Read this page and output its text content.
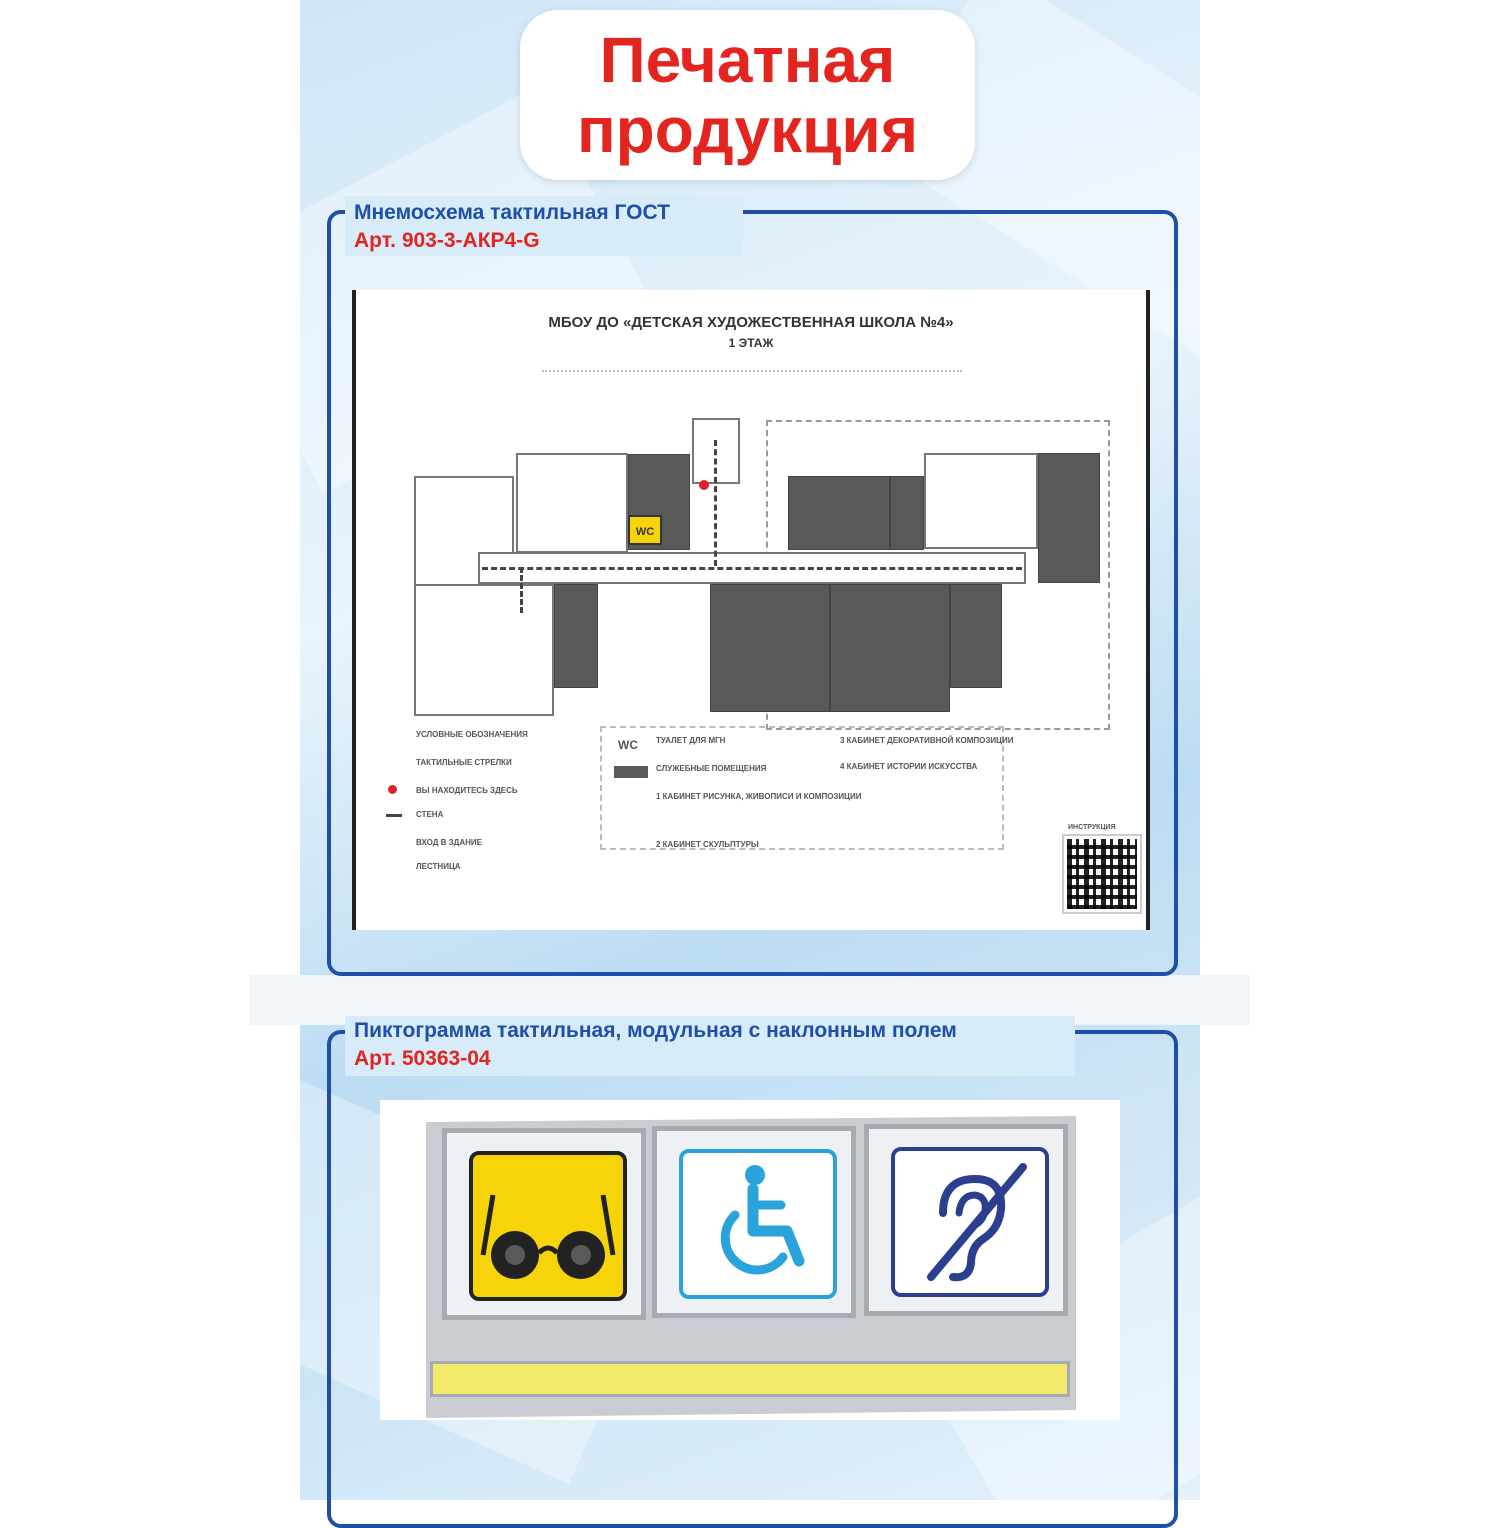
Печатная
продукция
Мнемосхема тактильная ГОСТ
Арт. 903-3-АКР4-G
МБОУ ДО «ДЕТСКАЯ ХУДОЖЕСТВЕННАЯ ШКОЛА №4»
1 ЭТАЖ
WC
УСЛОВНЫЕ ОБОЗНАЧЕНИЯ
ТАКТИЛЬНЫЕ СТРЕЛКИ
ВЫ НАХОДИТЕСЬ ЗДЕСЬ
СТЕНА
ВХОД В ЗДАНИЕ
ЛЕСТНИЦА
WC ТУАЛЕТ ДЛЯ МГН
СЛУЖЕБНЫЕ ПОМЕЩЕНИЯ
1 КАБИНЕТ РИСУНКА, ЖИВОПИСИ И КОМПОЗИЦИИ
2 КАБИНЕТ СКУЛЬПТУРЫ
3 КАБИНЕТ ДЕКОРАТИВНОЙ КОМПОЗИЦИИ
4 КАБИНЕТ ИСТОРИИ ИСКУССТВА
ИНСТРУКЦИЯ
Пиктограмма тактильная, модульная с наклонным полем
Арт. 50363-04
